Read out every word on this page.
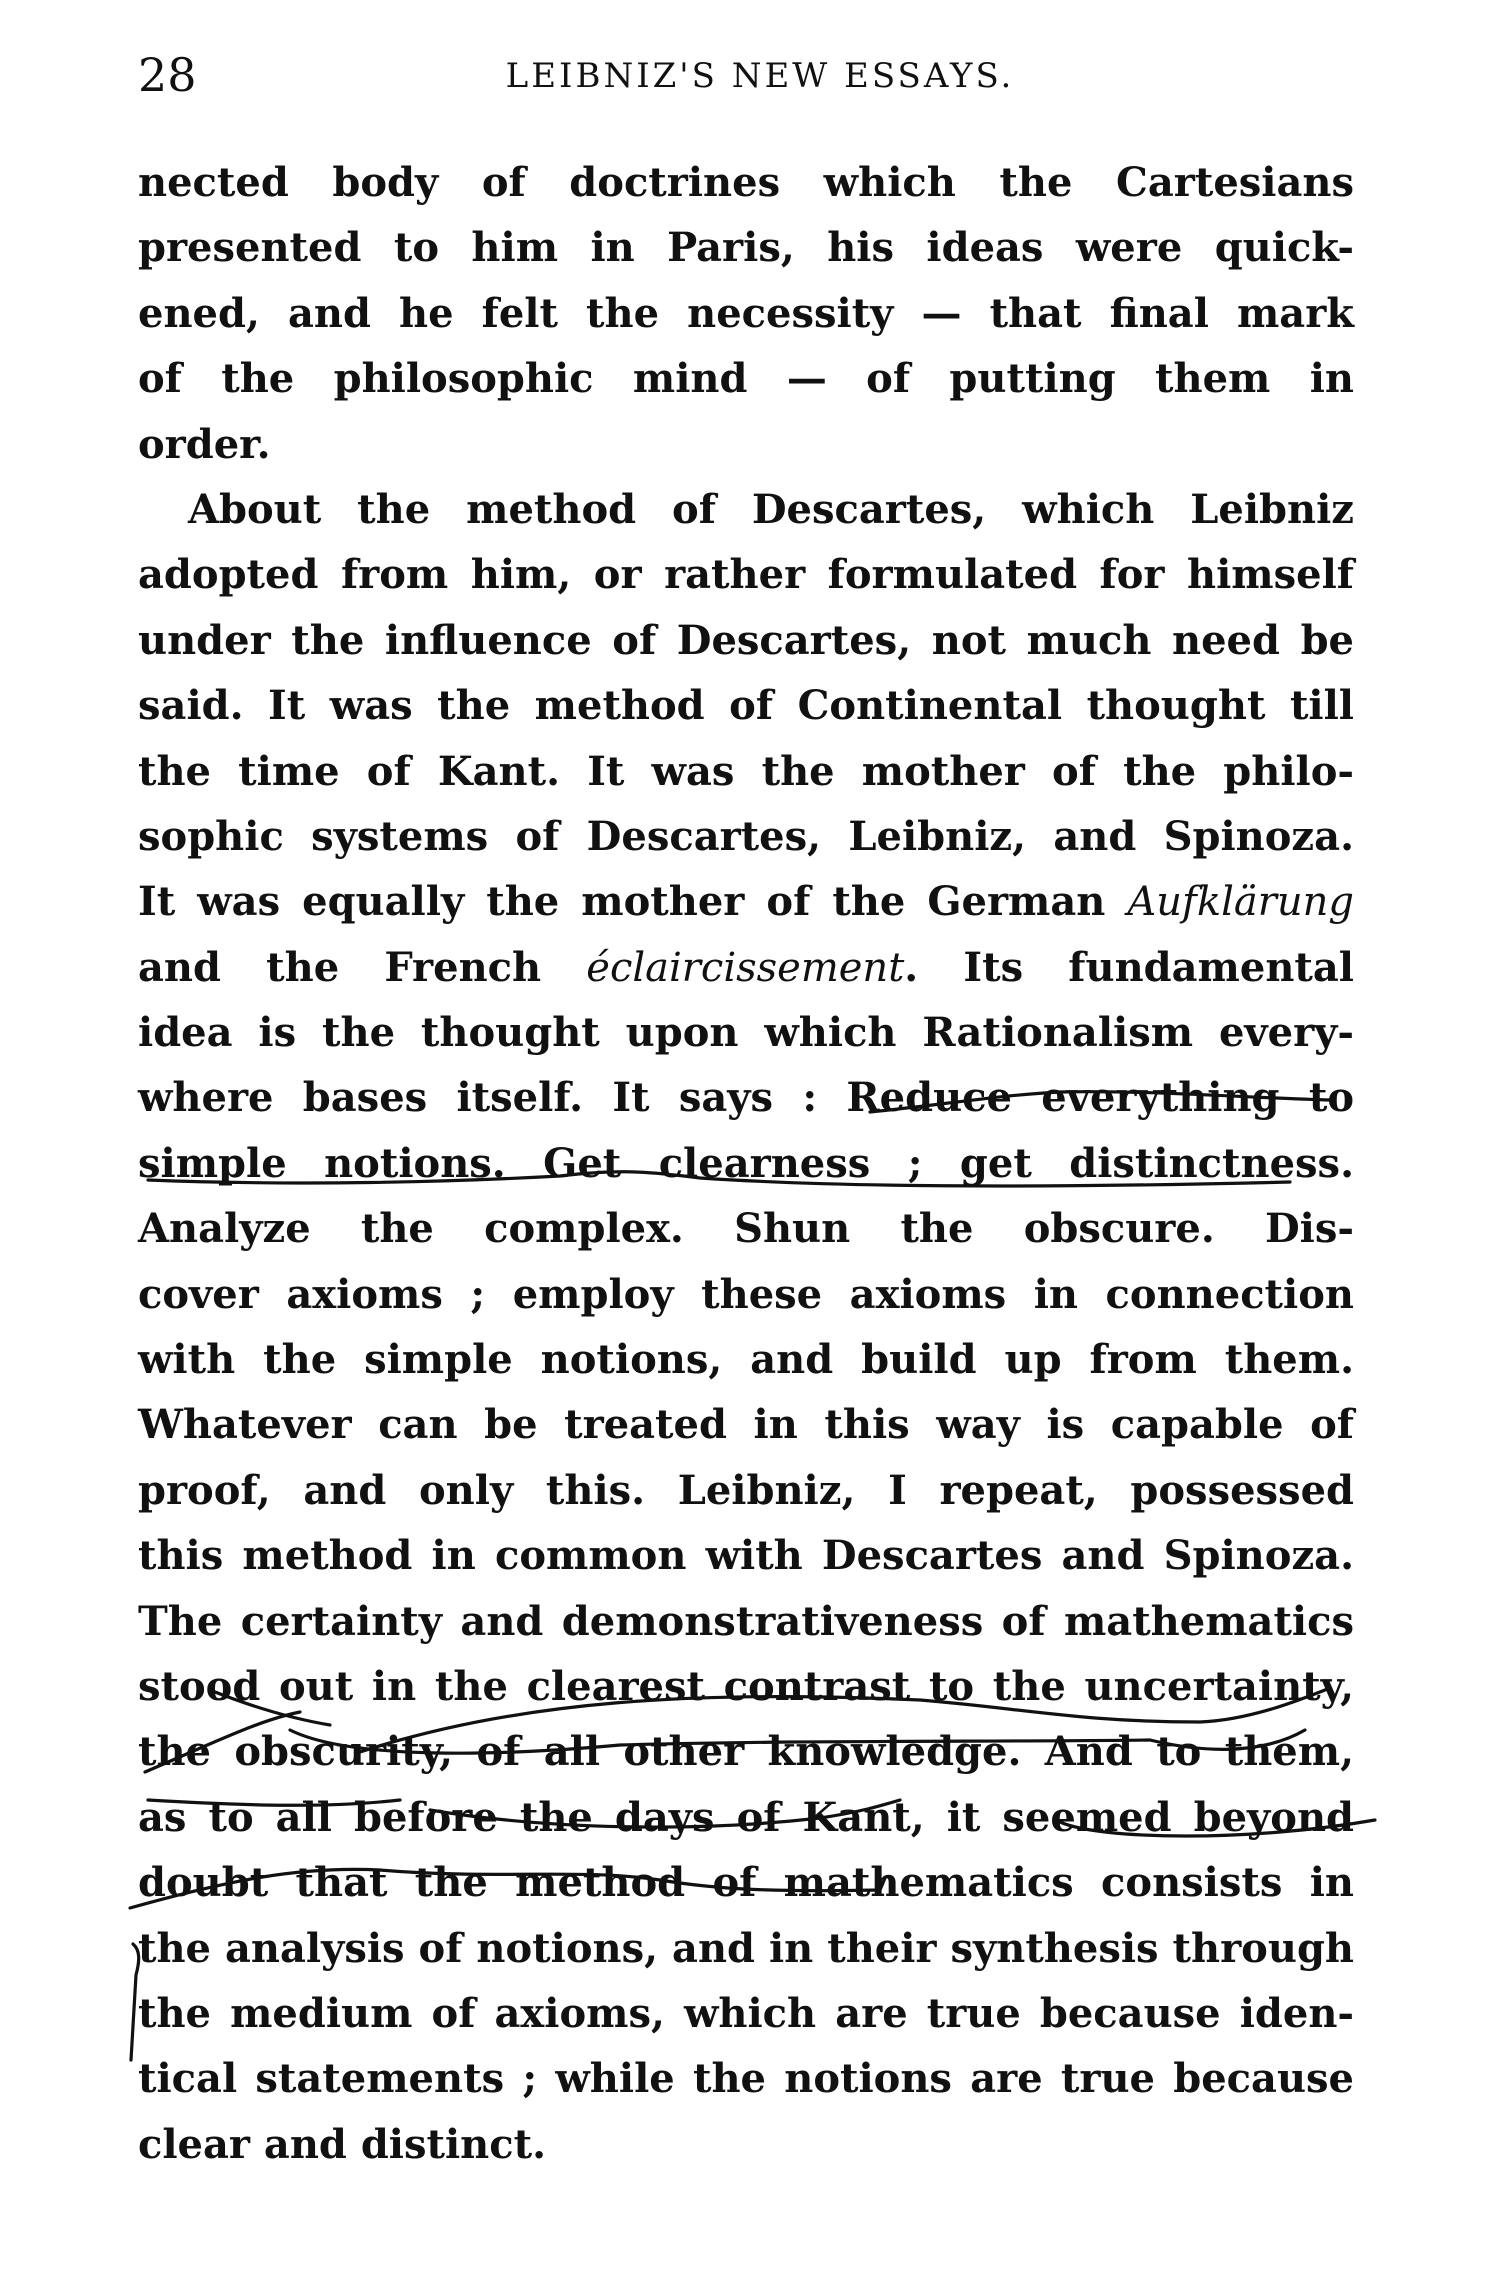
28	LEIBNIZ'S NEW ESSAYS.
nected body of doctrines which the Cartesians
presented to him in Paris, his ideas were quick-
ened, and he felt the necessity — that final mark
of the philosophic mind — of putting them in
order.
About the method of Descartes, which Leibniz
adopted from him, or rather formulated for himself
under the influence of Descartes, not much need be
said. It was the method of Continental thought till
the time of Kant. It was the mother of the philo-
sophic systems of Descartes, Leibniz, and Spinoza.
It was equally the mother of the German Aufklärung
and the French éclaircissement. Its fundamental
idea is the thought upon which Rationalism every-
where bases itself. It says : Reduce everything to
simple notions. Get clearness ; get distinctness.
Analyze the complex. Shun the obscure. Dis-
cover axioms ; employ these axioms in connection
with the simple notions, and build up from them.
Whatever can be treated in this way is capable of
proof, and only this. Leibniz, I repeat, possessed
this method in common with Descartes and Spinoza.
The certainty and demonstrativeness of mathematics
stood out in the clearest contrast to the uncertainty,
the obscurity, of all other knowledge. And to them,
as to all before the days of Kant, it seemed beyond
doubt that the method of mathematics consists in
the analysis of notions, and in their synthesis through
the medium of axioms, which are true because iden-
tical statements ; while the notions are true because
clear and distinct.
